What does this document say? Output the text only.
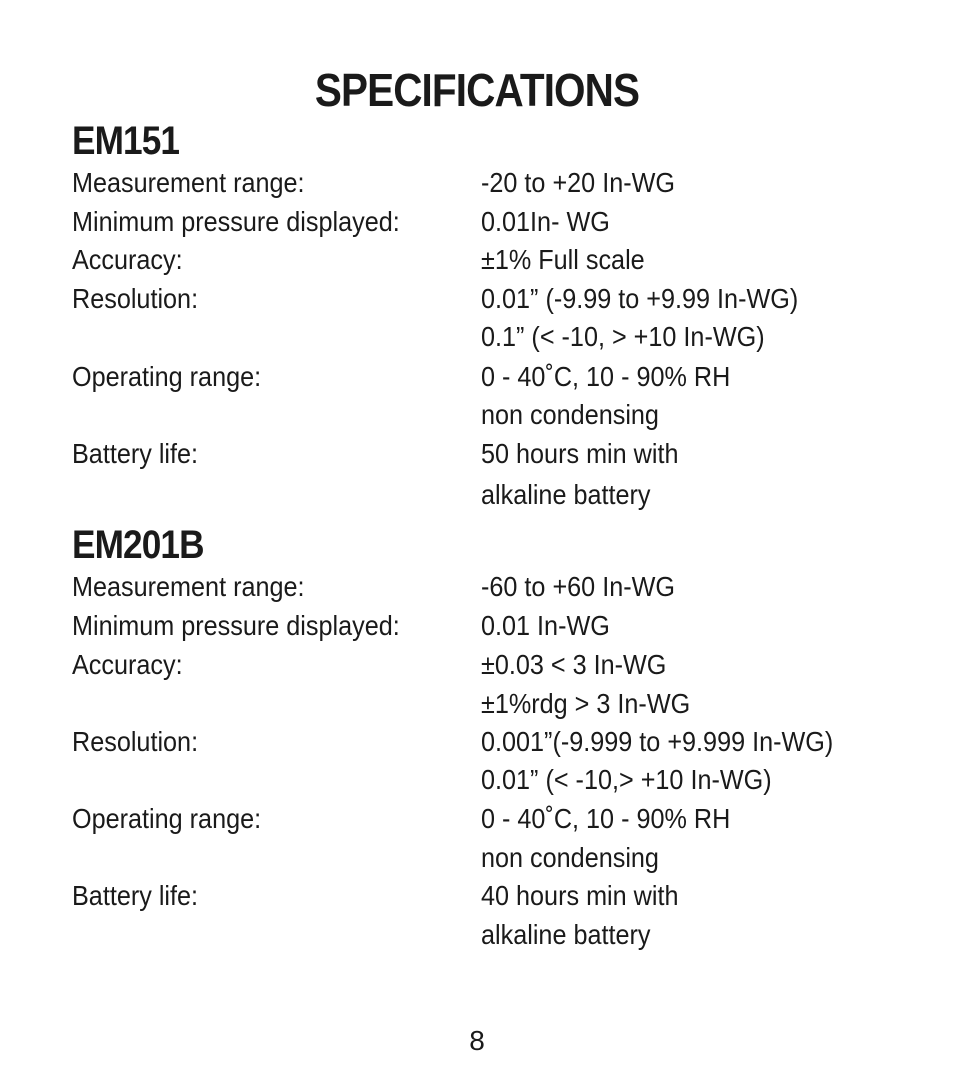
SPECIFICATIONS
EM151
Measurement range:	-20 to +20 In-WG
Minimum pressure displayed:	0.01In- WG
Accuracy:	±1% Full scale
Resolution:	0.01” (-9.99 to +9.99 In-WG)
0.1” (< -10, > +10 In-WG)
Operating range:	0 - 40˚C, 10 - 90% RH
non condensing
Battery life:	50 hours min with
alkaline battery
EM201B
Measurement range:	-60 to +60 In-WG
Minimum pressure displayed:	0.01 In-WG
Accuracy:	±0.03 < 3 In-WG
±1%rdg > 3 In-WG
Resolution:	0.001”(-9.999 to +9.999 In-WG)
0.01” (< -10,> +10 In-WG)
Operating range:	0 - 40˚C, 10 - 90% RH
non condensing
Battery life:	40 hours min with
alkaline battery
8
